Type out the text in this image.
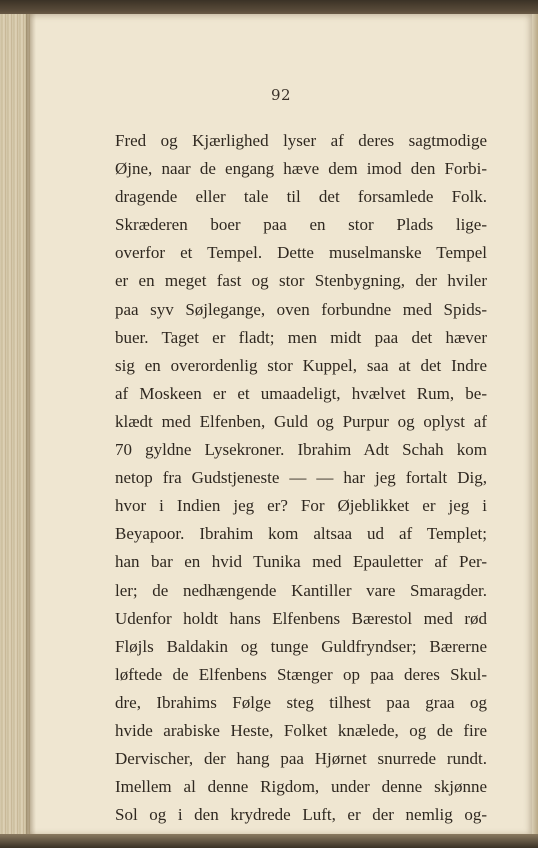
92
Fred og Kjærlighed lyser af deres sagtmodige
Øjne, naar de engang hæve dem imod den Forbi-
dragende eller tale til det forsamlede Folk.
Skræderen boer paa en stor Plads lige-
overfor et Tempel. Dette muselmanske Tempel
er en meget fast og stor Stenbygning, der hviler
paa syv Søjlegange, oven forbundne med Spids-
buer. Taget er fladt; men midt paa det hæver
sig en overordenlig stor Kuppel, saa at det Indre
af Moskeen er et umaadeligt, hvælvet Rum, be-
klædt med Elfenben, Guld og Purpur og oplyst af
70 gyldne Lysekroner. Ibrahim Adt Schah kom
netop fra Gudstjeneste — — har jeg fortalt Dig,
hvor i Indien jeg er? For Øjeblikket er jeg i
Beyapoor. Ibrahim kom altsaa ud af Templet;
han bar en hvid Tunika med Epauletter af Per-
ler; de nedhængende Kantiller vare Smaragder.
Udenfor holdt hans Elfenbens Bærestol med rød
Fløjls Baldakin og tunge Guldfryndser; Bærerne
løftede de Elfenbens Stænger op paa deres Skul-
dre, Ibrahims Følge steg tilhest paa graa og
hvide arabiske Heste, Folket knælede, og de fire
Dervischer, der hang paa Hjørnet snurrede rundt.
Imellem al denne Rigdom, under denne skjønne
Sol og i den krydrede Luft, er der nemlig og-
